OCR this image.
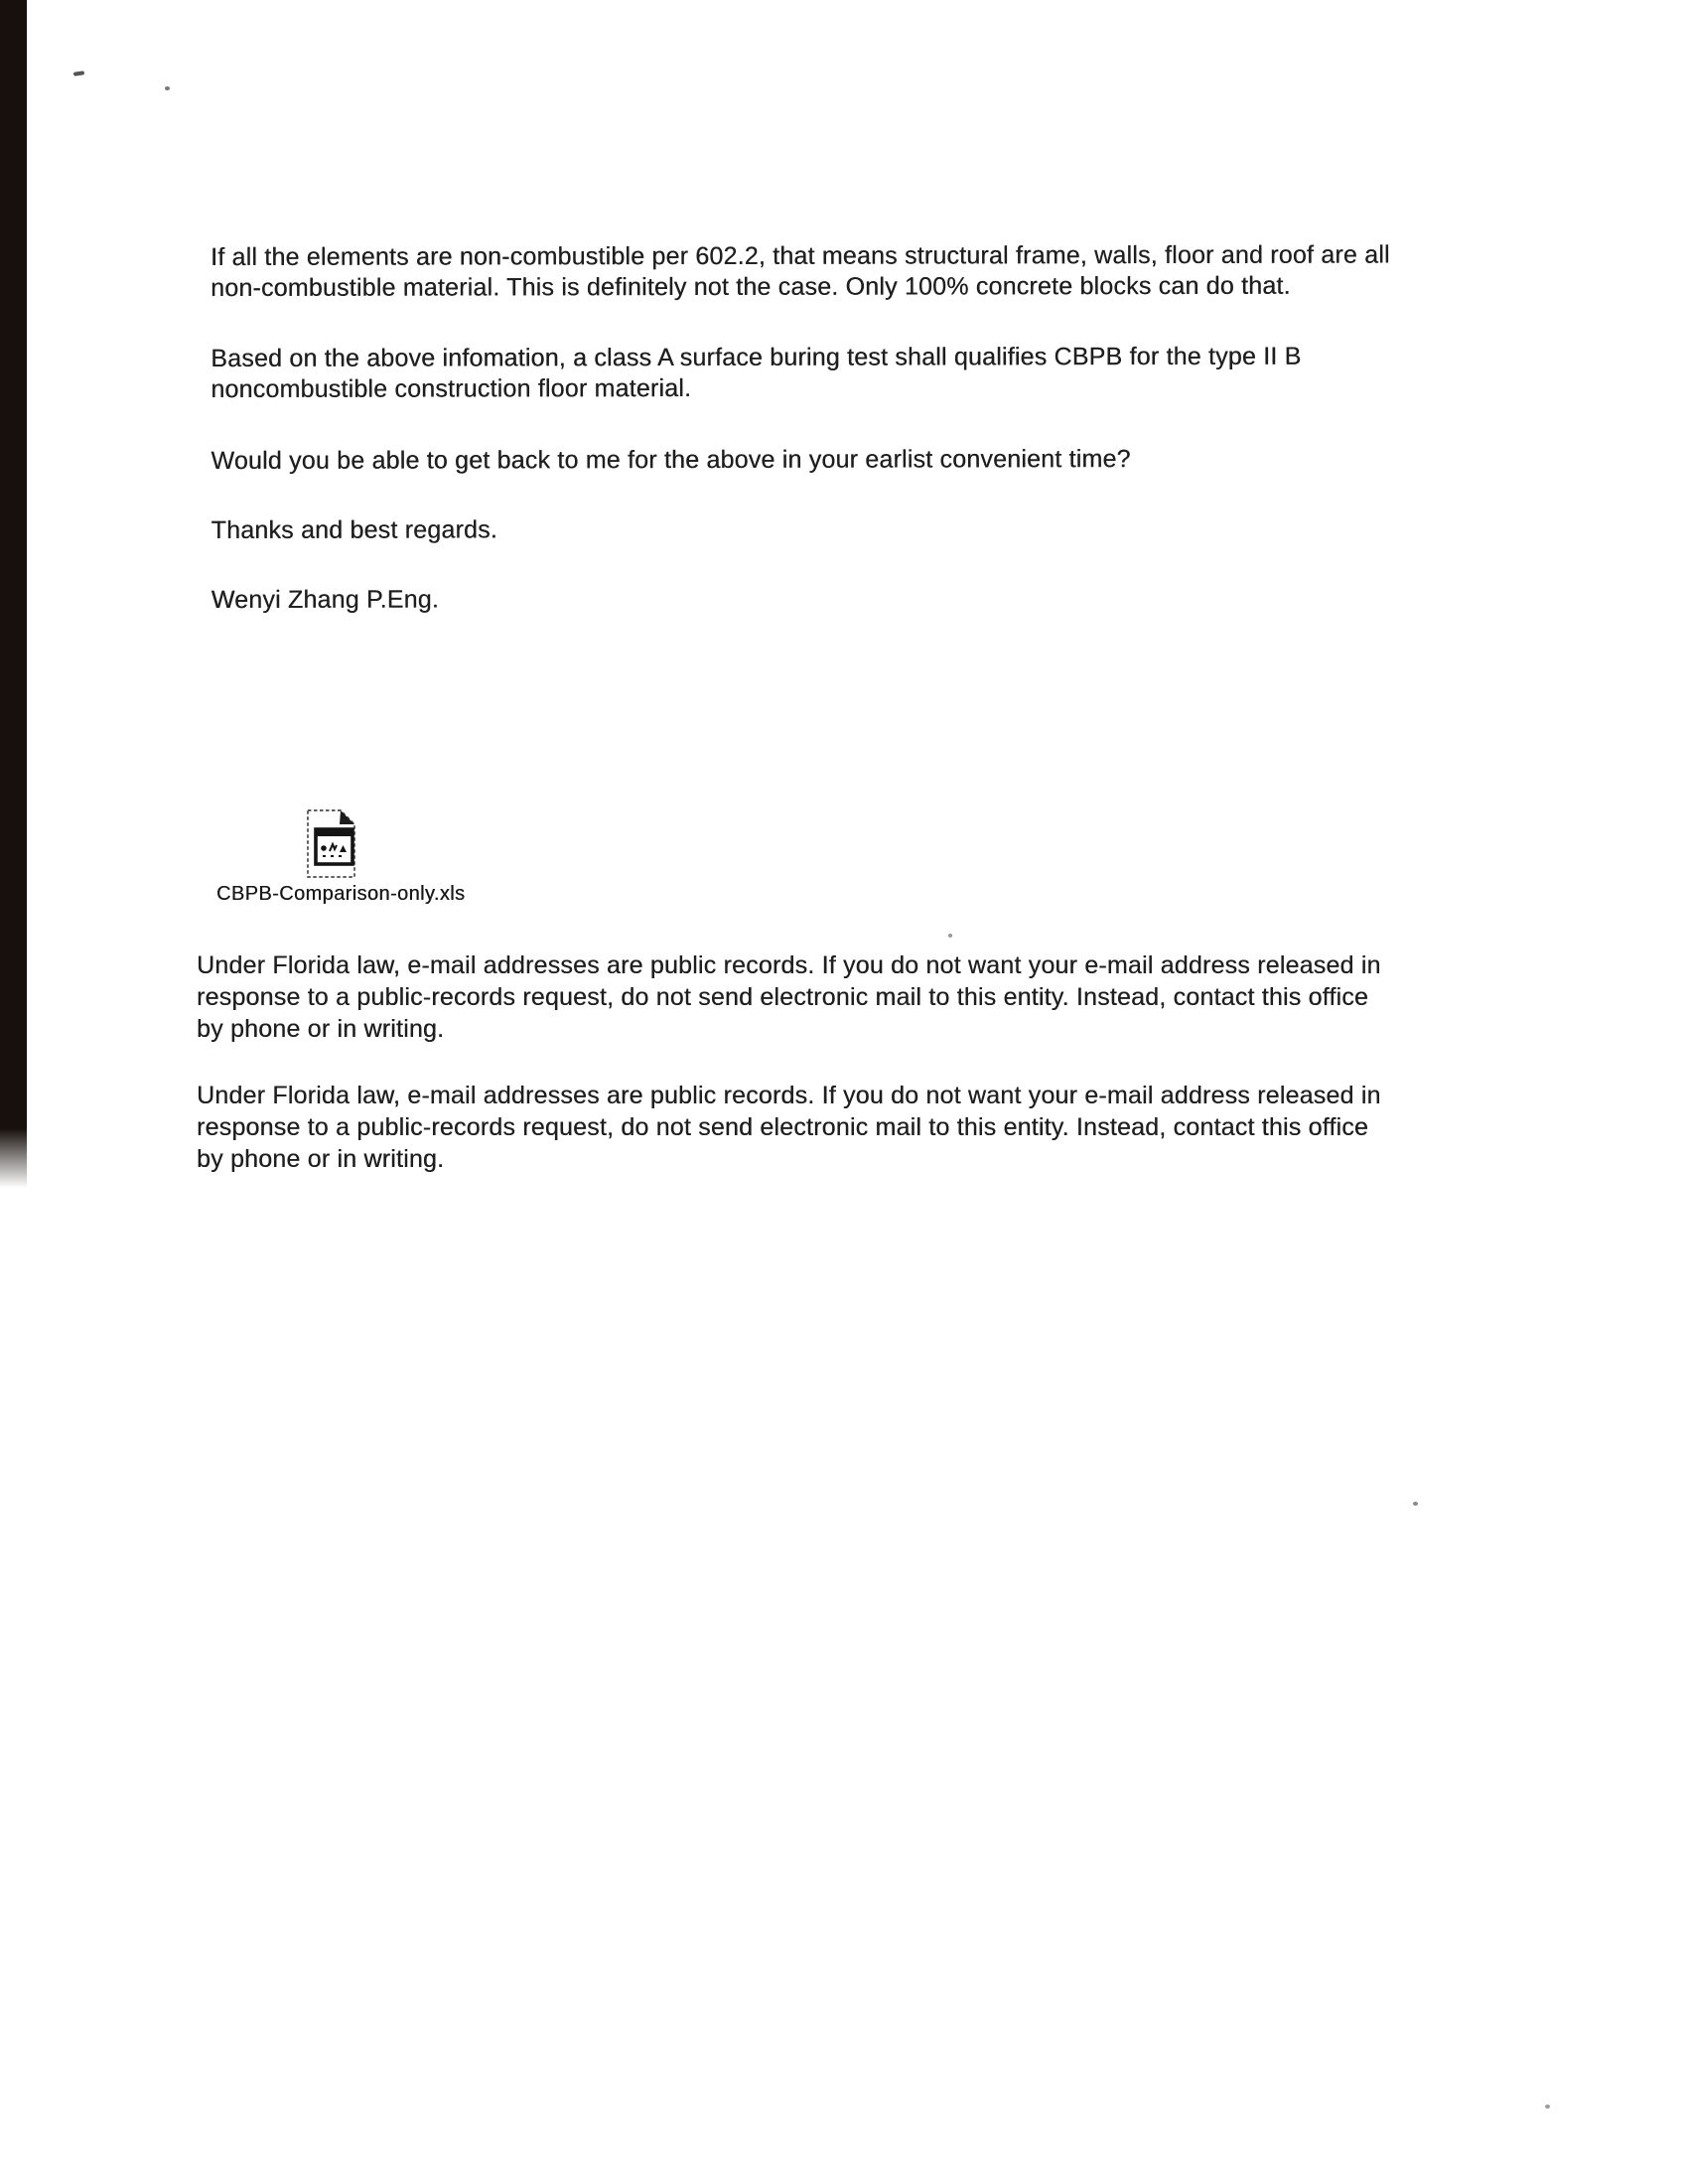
If all the elements are non-combustible per 602.2, that means structural frame, walls, floor and roof are all
non-combustible material. This is definitely not the case. Only 100% concrete blocks can do that.
Based on the above infomation, a class A surface buring test shall qualifies CBPB for the type II B
noncombustible construction floor material.
Would you be able to get back to me for the above in your earlist convenient time?
Thanks and best regards.
Wenyi Zhang P.Eng.
CBPB-Comparison-only.xls
Under Florida law, e-mail addresses are public records. If you do not want your e-mail address released in
response to a public-records request, do not send electronic mail to this entity. Instead, contact this office
by phone or in writing.
Under Florida law, e-mail addresses are public records. If you do not want your e-mail address released in
response to a public-records request, do not send electronic mail to this entity. Instead, contact this office
by phone or in writing.
